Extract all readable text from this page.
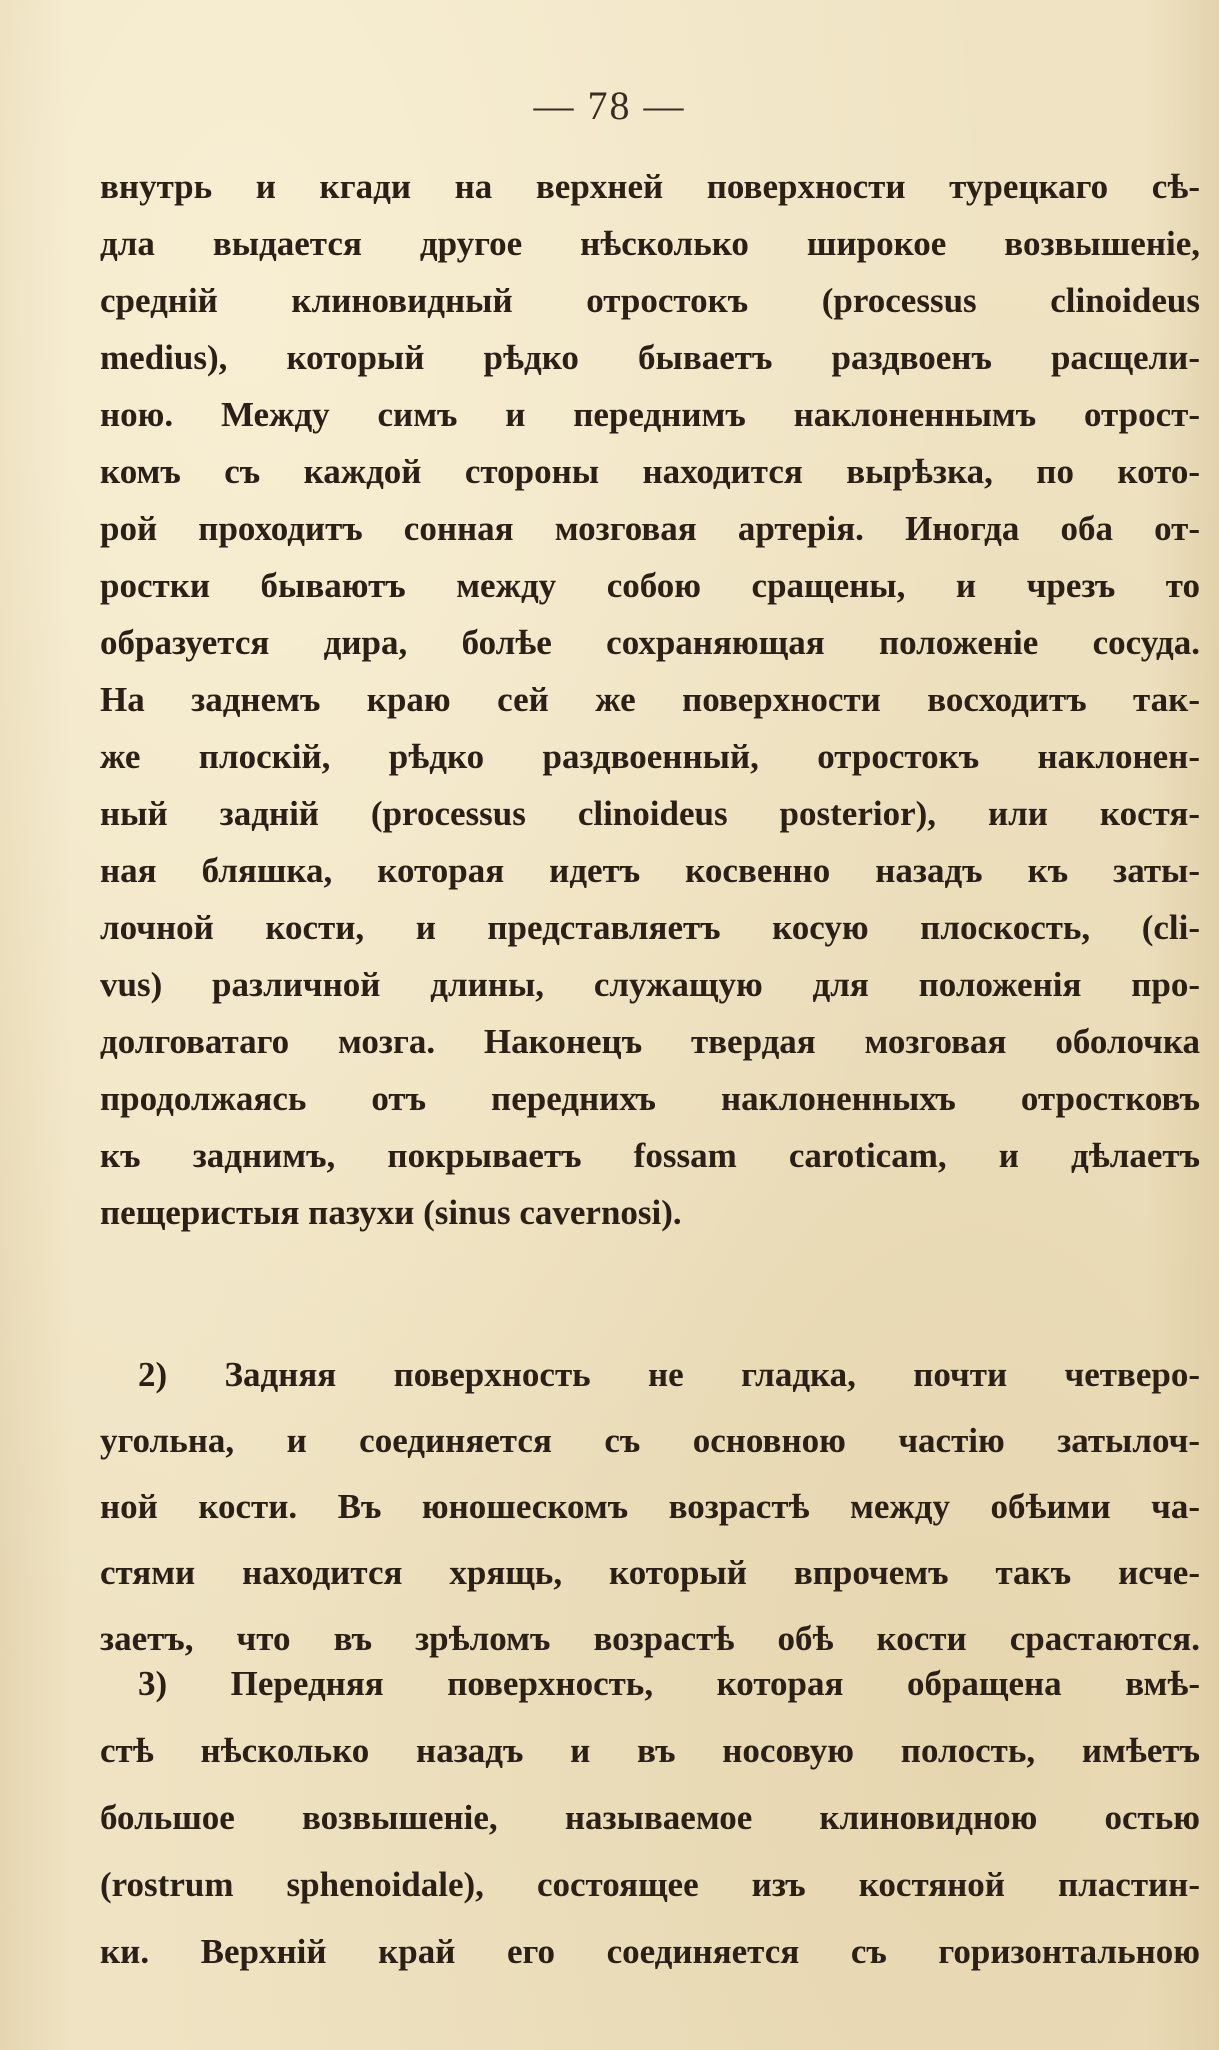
— 78 —
внутрь и кгади на верхней поверхности турецкаго сѣ-
дла выдается другое нѣсколько широкое возвышеніе,
средній клиновидный отростокъ (processus clinoideus
medius), который рѣдко бываетъ раздвоенъ расщели-
ною. Между симъ и переднимъ наклоненнымъ отрост-
комъ съ каждой стороны находится вырѣзка, по кото-
рой проходитъ сонная мозговая артерія. Иногда оба от-
ростки бываютъ между собою сращены, и чрезъ то
образуется дира, болѣе сохраняющая положеніе сосуда.
На заднемъ краю сей же поверхности восходитъ так-
же плоскій, рѣдко раздвоенный, отростокъ наклонен-
ный задній (processus clinoideus posterior), или костя-
ная бляшка, которая идетъ косвенно назадъ къ заты-
лочной кости, и представляетъ косую плоскость, (cli-
vus) различной длины, служащую для положенія про-
долговатаго мозга. Наконецъ твердая мозговая оболочка
продолжаясь отъ переднихъ наклоненныхъ отростковъ
къ заднимъ, покрываетъ fossam caroticam, и дѣлаетъ
пещеристыя пазухи (sinus cavernosi).
2) Задняя поверхность не гладка, почти четверо-
угольна, и соединяется съ основною частію затылоч-
ной кости. Въ юношескомъ возрастѣ между обѣими ча-
стями находится хрящь, который впрочемъ такъ исче-
заетъ, что въ зрѣломъ возрастѣ обѣ кости срастаются.
3) Передняя поверхность, которая обращена вмѣ-
стѣ нѣсколько назадъ и въ носовую полость, имѣетъ
большое возвышеніе, называемое клиновидною остью
(rostrum sphenoidale), состоящее изъ костяной пластин-
ки. Верхній край его соединяется съ горизонтальною
